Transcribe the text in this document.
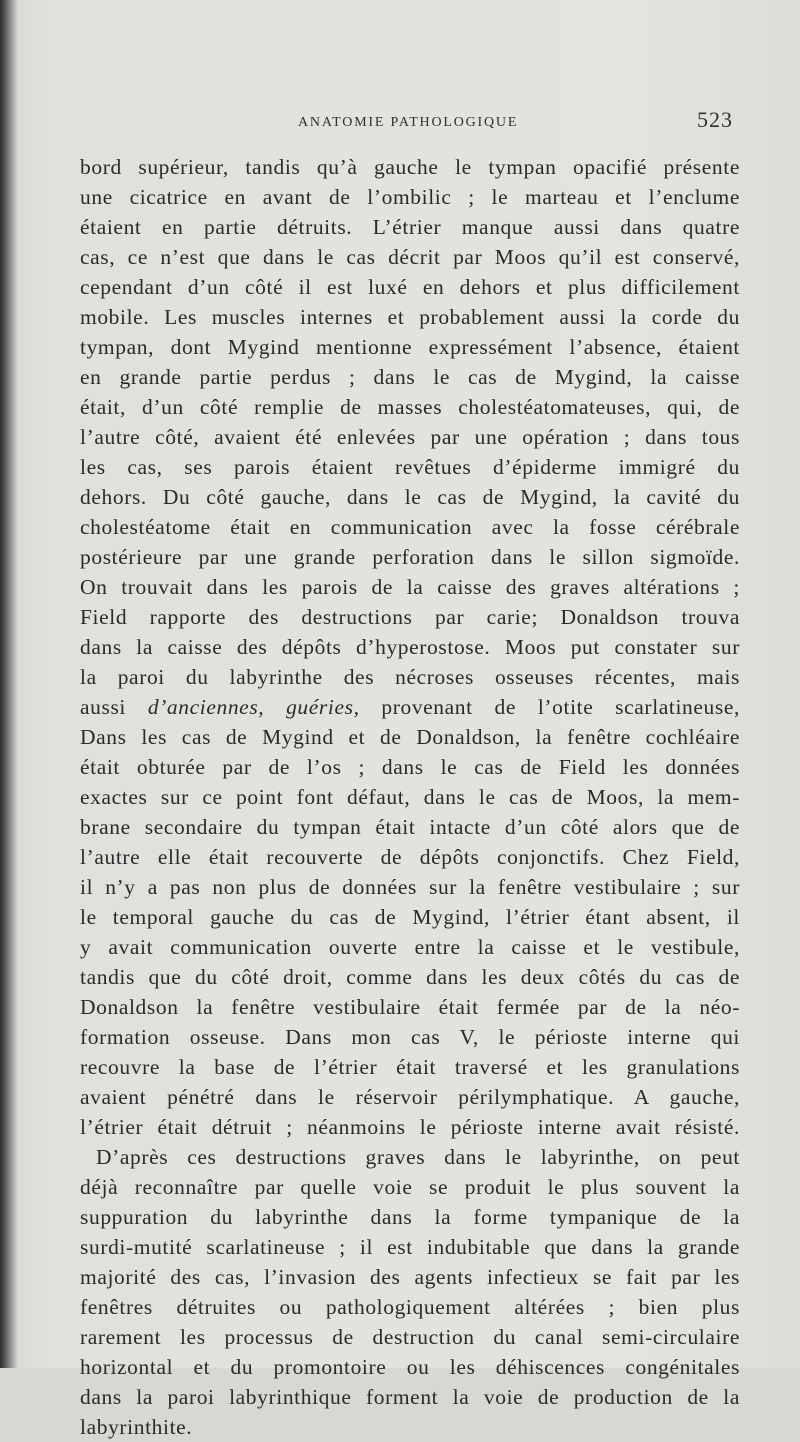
ANATOMIE PATHOLOGIQUE	523
bord supérieur, tandis qu’à gauche le tympan opacifié présente
une cicatrice en avant de l’ombilic ; le marteau et l’enclume
étaient en partie détruits. L’étrier manque aussi dans quatre
cas, ce n’est que dans le cas décrit par Moos qu’il est conservé,
cependant d’un côté il est luxé en dehors et plus difficilement
mobile. Les muscles internes et probablement aussi la corde du
tympan, dont Mygind mentionne expressément l’absence, étaient
en grande partie perdus ; dans le cas de Mygind, la caisse
était, d’un côté remplie de masses cholestéatomateuses, qui, de
l’autre côté, avaient été enlevées par une opération ; dans tous
les cas, ses parois étaient revêtues d’épiderme immigré du
dehors. Du côté gauche, dans le cas de Mygind, la cavité du
cholestéatome était en communication avec la fosse cérébrale
postérieure par une grande perforation dans le sillon sigmoïde.
On trouvait dans les parois de la caisse des graves altérations ;
Field rapporte des destructions par carie; Donaldson trouva
dans la caisse des dépôts d’hyperostose. Moos put constater sur
la paroi du labyrinthe des nécroses osseuses récentes, mais
aussi d’anciennes, guéries, provenant de l’otite scarlatineuse,
Dans les cas de Mygind et de Donaldson, la fenêtre cochléaire
était obturée par de l’os ; dans le cas de Field les données
exactes sur ce point font défaut, dans le cas de Moos, la mem-
brane secondaire du tympan était intacte d’un côté alors que de
l’autre elle était recouverte de dépôts conjonctifs. Chez Field,
il n’y a pas non plus de données sur la fenêtre vestibulaire ; sur
le temporal gauche du cas de Mygind, l’étrier étant absent, il
y avait communication ouverte entre la caisse et le vestibule,
tandis que du côté droit, comme dans les deux côtés du cas de
Donaldson la fenêtre vestibulaire était fermée par de la néo-
formation osseuse. Dans mon cas V, le périoste interne qui
recouvre la base de l’étrier était traversé et les granulations
avaient pénétré dans le réservoir périlymphatique. A gauche,
l’étrier était détruit ; néanmoins le périoste interne avait résisté.
D’après ces destructions graves dans le labyrinthe, on peut
déjà reconnaître par quelle voie se produit le plus souvent la
suppuration du labyrinthe dans la forme tympanique de la
surdi-mutité scarlatineuse ; il est indubitable que dans la grande
majorité des cas, l’invasion des agents infectieux se fait par les
fenêtres détruites ou pathologiquement altérées ; bien plus
rarement les processus de destruction du canal semi-circulaire
horizontal et du promontoire ou les déhiscences congénitales
dans la paroi labyrinthique forment la voie de production de la
labyrinthite.
